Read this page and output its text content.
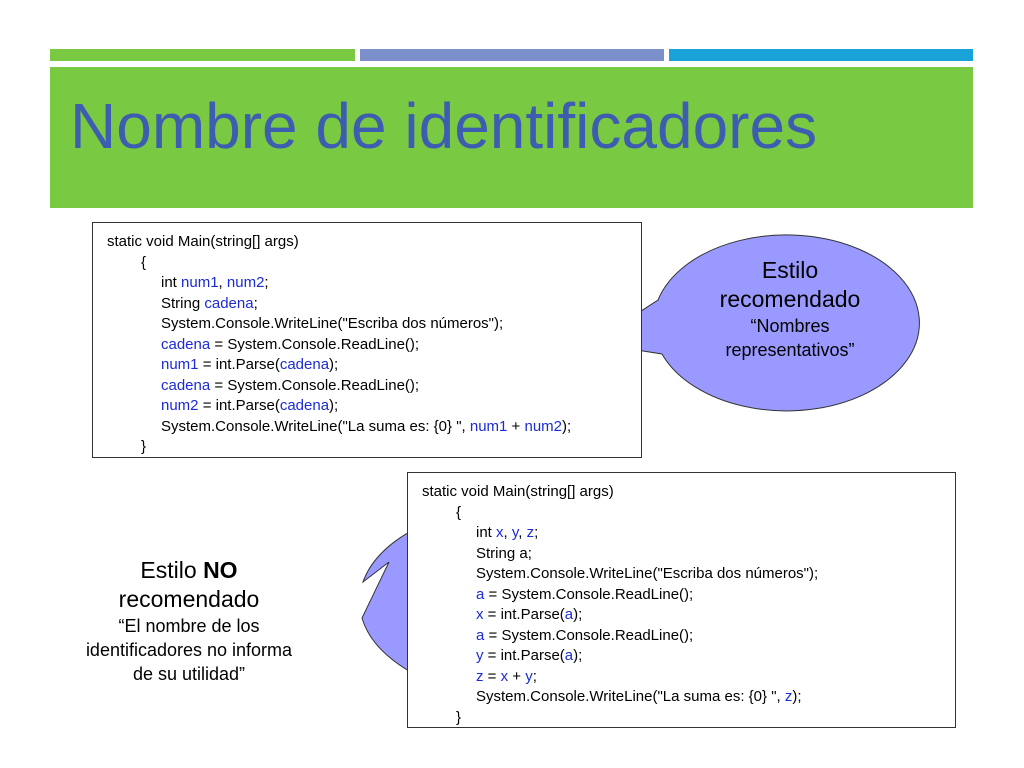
Nombre de identificadores
static void Main(string[] args)
{
int num1, num2;
String cadena;
System.Console.WriteLine("Escriba dos números");
cadena = System.Console.ReadLine();
num1 = int.Parse(cadena);
cadena = System.Console.ReadLine();
num2 = int.Parse(cadena);
System.Console.WriteLine("La suma es: {0} ", num1 + num2);
}
static void Main(string[] args)
{
int x, y, z;
String a;
System.Console.WriteLine("Escriba dos números");
a = System.Console.ReadLine();
x = int.Parse(a);
a = System.Console.ReadLine();
y = int.Parse(a);
z = x + y;
System.Console.WriteLine("La suma es: {0} ", z);
}
Estilo
recomendado
“Nombres
representativos”
Estilo NO
recomendado
“El nombre de los
identificadores no informa
de su utilidad”
